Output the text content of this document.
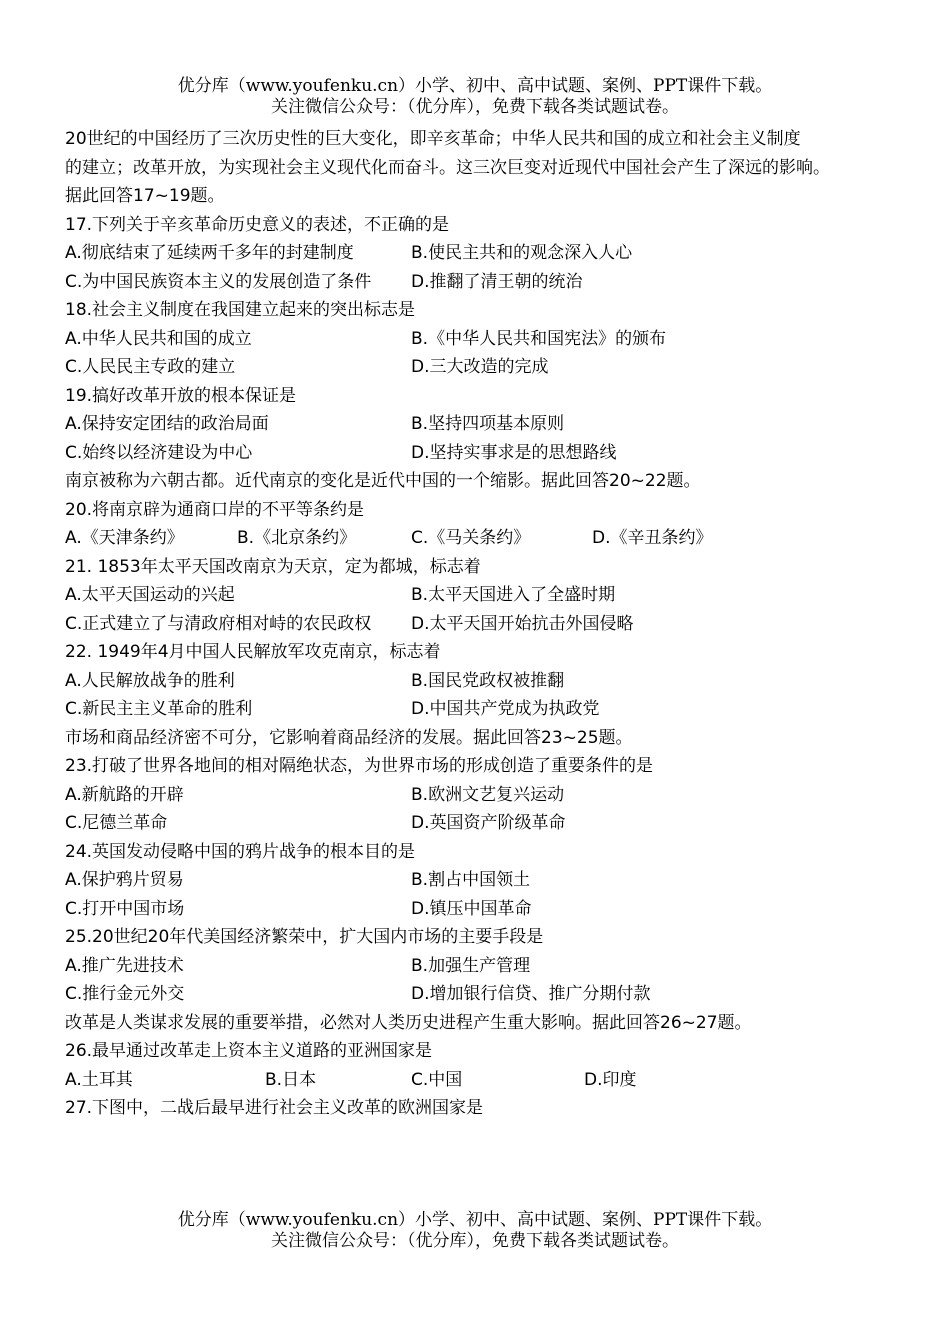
优分库（www.youfenku.cn）小学、初中、高中试题、案例、PPT课件下载。
关注微信公众号：（优分库），免费下载各类试题试卷。
20世纪的中国经历了三次历史性的巨大变化，即辛亥革命；中华人民共和国的成立和社会主义制度
的建立；改革开放，为实现社会主义现代化而奋斗。这三次巨变对近现代中国社会产生了深远的影响。
据此回答17~19题。
17.下列关于辛亥革命历史意义的表述，不正确的是
A.彻底结束了延续两千多年的封建制度	B.使民主共和的观念深入人心
C.为中国民族资本主义的发展创造了条件 D.推翻了清王朝的统治
18.社会主义制度在我国建立起来的突出标志是
A.中华人民共和国的成立	B.《中华人民共和国宪法》的颁布
C.人民民主专政的建立	D.三大改造的完成
19.搞好改革开放的根本保证是
A.保持安定团结的政治局面	B.坚持四项基本原则
C.始终以经济建设为中心	D.坚持实事求是的思想路线
南京被称为六朝古都。近代南京的变化是近代中国的一个缩影。据此回答20~22题。
20.将南京辟为通商口岸的不平等条约是
A.《天津条约》	B.《北京条约》	C.《马关条约》	D.《辛丑条约》
21. 1853年太平天国改南京为天京，定为都城，标志着
A.太平天国运动的兴起	B.太平天国进入了全盛时期
C.正式建立了与清政府相对峙的农民政权 D.太平天国开始抗击外国侵略
22. 1949年4月中国人民解放军攻克南京，标志着
A.人民解放战争的胜利	B.国民党政权被推翻
C.新民主主义革命的胜利	D.中国共产党成为执政党
市场和商品经济密不可分，它影响着商品经济的发展。据此回答23~25题。
23.打破了世界各地间的相对隔绝状态，为世界市场的形成创造了重要条件的是
A.新航路的开辟	B.欧洲文艺复兴运动
C.尼德兰革命	D.英国资产阶级革命
24.英国发动侵略中国的鸦片战争的根本目的是
A.保护鸦片贸易	B.割占中国领土
C.打开中国市场	D.镇压中国革命
25.20世纪20年代美国经济繁荣中，扩大国内市场的主要手段是
A.推广先进技术	B.加强生产管理
C.推行金元外交	D.增加银行信贷、推广分期付款
改革是人类谋求发展的重要举措，必然对人类历史进程产生重大影响。据此回答26~27题。
26.最早通过改革走上资本主义道路的亚洲国家是
A.土耳其	B.日本	C.中国	D.印度
27.下图中，二战后最早进行社会主义改革的欧洲国家是
优分库（www.youfenku.cn）小学、初中、高中试题、案例、PPT课件下载。
关注微信公众号：（优分库），免费下载各类试题试卷。
